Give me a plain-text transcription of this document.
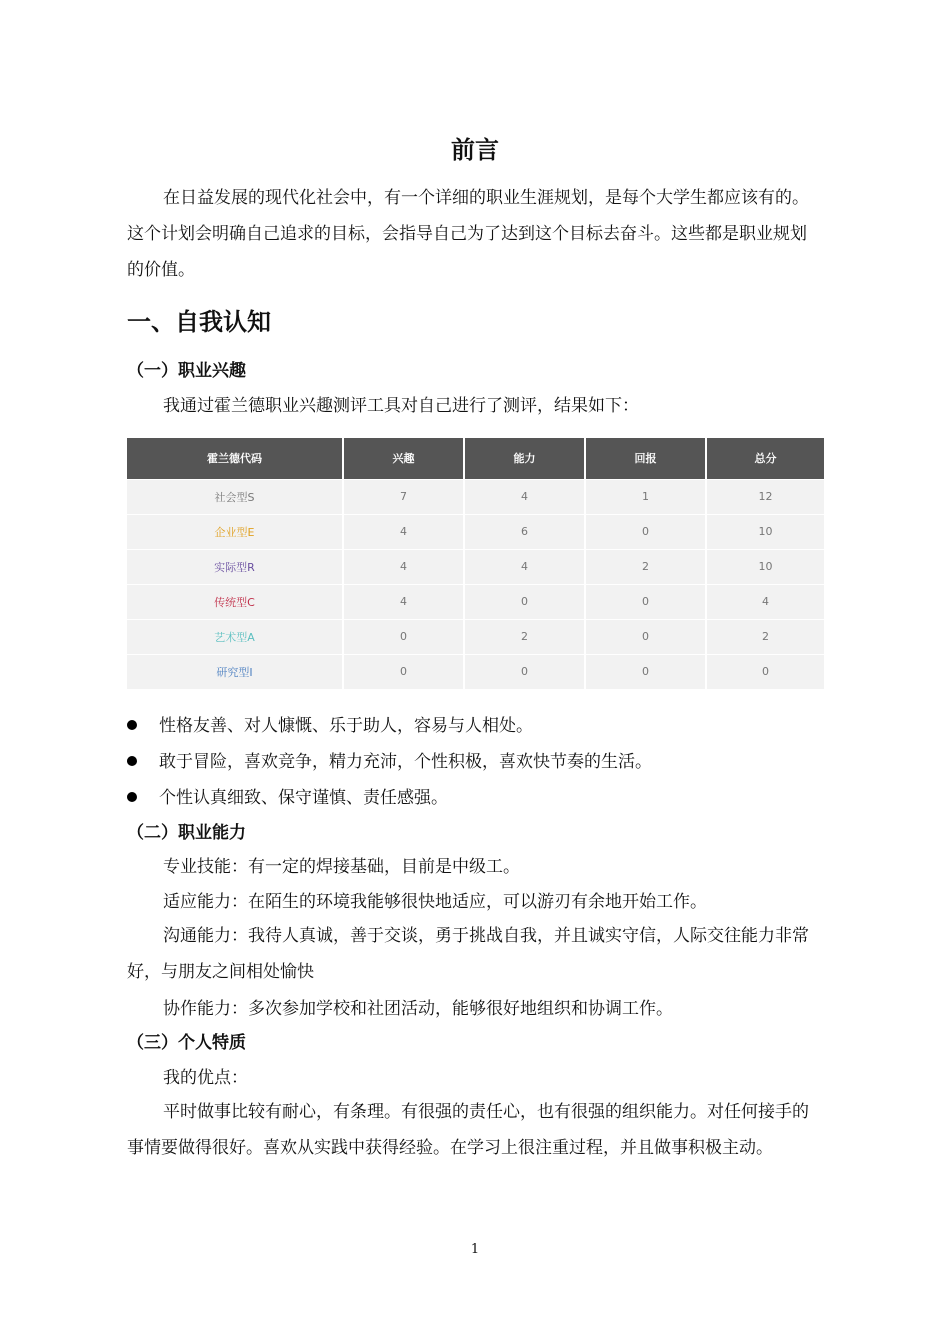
前言
在日益发展的现代化社会中，有一个详细的职业生涯规划，是每个大学生都应该有的。这个计划会明确自己追求的目标，会指导自己为了达到这个目标去奋斗。这些都是职业规划的价值。
一、自我认知
（一）职业兴趣
我通过霍兰德职业兴趣测评工具对自己进行了测评，结果如下：
霍兰德代码	兴趣	能力	回报	总分
社会型S	7	4	1	12
企业型E	4	6	0	10
实际型R	4	4	2	10
传统型C	4	0	0	4
艺术型A	0	2	0	2
研究型I	0	0	0	0
性格友善、对人慷慨、乐于助人，容易与人相处。
敢于冒险，喜欢竞争，精力充沛，个性积极，喜欢快节奏的生活。
个性认真细致、保守谨慎、责任感强。
（二）职业能力
专业技能：有一定的焊接基础，目前是中级工。
适应能力：在陌生的环境我能够很快地适应，可以游刃有余地开始工作。
沟通能力：我待人真诚，善于交谈，勇于挑战自我，并且诚实守信，人际交往能力非常好，与朋友之间相处愉快
协作能力：多次参加学校和社团活动，能够很好地组织和协调工作。
（三）个人特质
我的优点：
平时做事比较有耐心，有条理。有很强的责任心，也有很强的组织能力。对任何接手的事情要做得很好。喜欢从实践中获得经验。在学习上很注重过程，并且做事积极主动。
1
